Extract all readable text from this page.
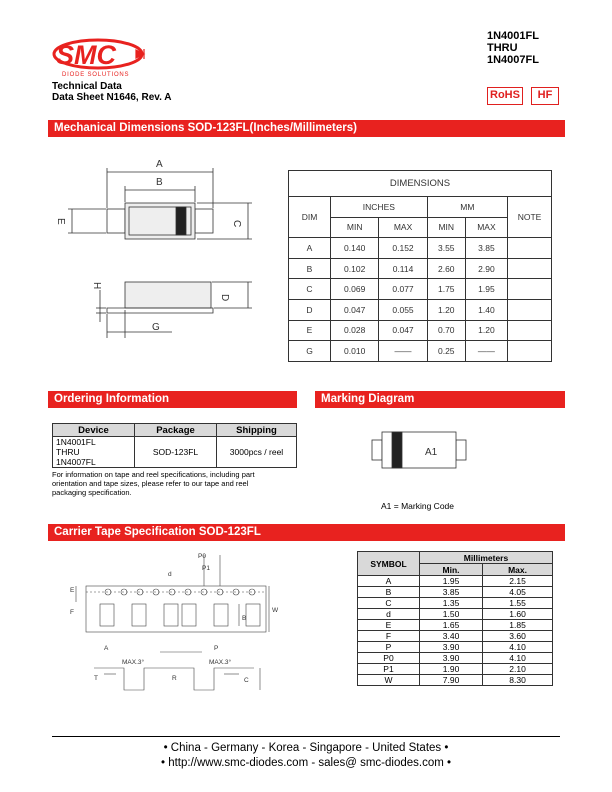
SMC
DIODE SOLUTIONS
1N4001FL
THRU
1N4007FL
Technical Data
Data Sheet N1646, Rev. A	RoHS	HF
Mechanical Dimensions SOD-123FL(Inches/Millimeters)
A
B
C
D
E
G
H
DIMENSIONS					
DIM	INCHES		MM		NOTE
	MIN	MAX	MIN	MAX	
A	0.140	0.152	3.55	3.85	
B	0.102	0.114	2.60	2.90	
C	0.069	0.077	1.75	1.95	
D	0.047	0.055	1.20	1.40	
E	0.028	0.047	0.70	1.20	
G	0.010	——	0.25	——	
Ordering Information	Marking Diagram
Device	Package	Shipping

1N4001FL
THRU
1N4007FL	SOD-123FL	3000pcs / reel
For information on tape and reel specifications, including part
orientation and tape sizes, please refer to our tape and reel
packaging specification.
A1
A1 = Marking Code
Carrier Tape Specification SOD-123FL
P0
P1
d
E
F	W
B
A	P
T
MAX.3°	MAX.3°
R	C
SYMBOL	Millimeters	
	Min.	Max.
A	1.95	2.15
B	3.85	4.05
C	1.35	1.55
d	1.50	1.60
E	1.65	1.85
F	3.40	3.60
P	3.90	4.10
P0	3.90	4.10
P1	1.90	2.10
W	7.90	8.30
• China - Germany - Korea - Singapore - United States •
• http://www.smc-diodes.com - sales@ smc-diodes.com •
